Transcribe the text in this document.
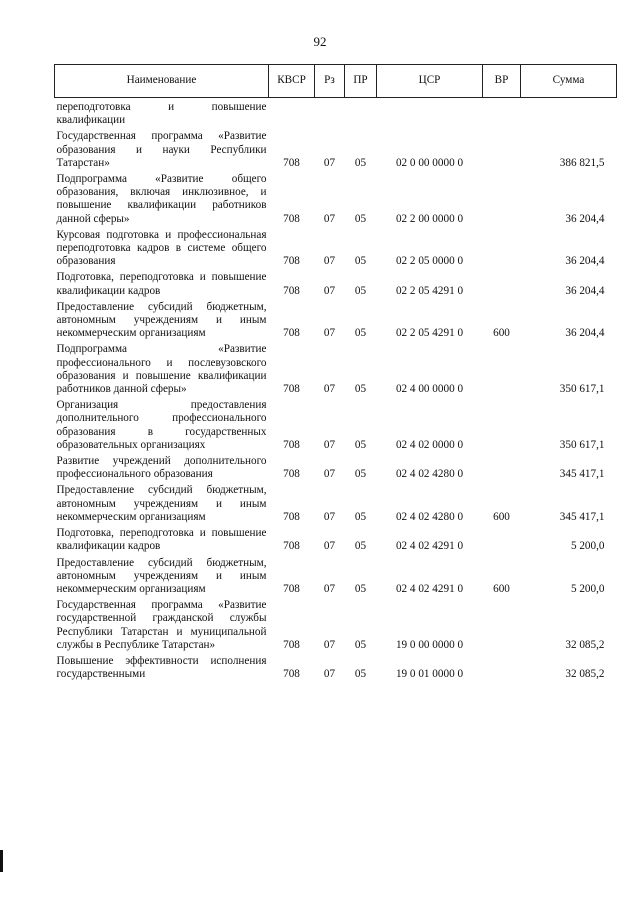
92
Наименование	КВСР	Рз	ПР	ЦСР	ВР	Сумма
переподготовка и повышение квалификации						
Государственная программа «Развитие образования и науки Республики Татарстан»	708	07	05	02 0 00 0000 0		386 821,5
Подпрограмма «Развитие общего образования, включая инклюзивное, и повышение квалификации работников данной сферы»	708	07	05	02 2 00 0000 0		36 204,4
Курсовая подготовка и профессиональная переподготовка кадров в системе общего образования	708	07	05	02 2 05 0000 0		36 204,4
Подготовка, переподготовка и повышение квалификации кадров	708	07	05	02 2 05 4291 0		36 204,4
Предоставление субсидий бюджетным, автономным учреждениям и иным некоммерческим организациям	708	07	05	02 2 05 4291 0	600	36 204,4
Подпрограмма «Развитие профессионального и послевузовского образования и повышение квалификации работников данной сферы»	708	07	05	02 4 00 0000 0		350 617,1
Организация предоставления дополнительного профессионального образования в государственных образовательных организациях	708	07	05	02 4 02 0000 0		350 617,1
Развитие учреждений дополнительного профессионального образования	708	07	05	02 4 02 4280 0		345 417,1
Предоставление субсидий бюджетным, автономным учреждениям и иным некоммерческим организациям	708	07	05	02 4 02 4280 0	600	345 417,1
Подготовка, переподготовка и повышение квалификации кадров	708	07	05	02 4 02 4291 0		5 200,0
Предоставление субсидий бюджетным, автономным учреждениям и иным некоммерческим организациям	708	07	05	02 4 02 4291 0	600	5 200,0
Государственная программа «Развитие государственной гражданской службы Республики Татарстан и муниципальной службы в Республике Татарстан»	708	07	05	19 0 00 0000 0		32 085,2
Повышение эффективности исполнения государственными	708	07	05	19 0 01 0000 0		32 085,2
